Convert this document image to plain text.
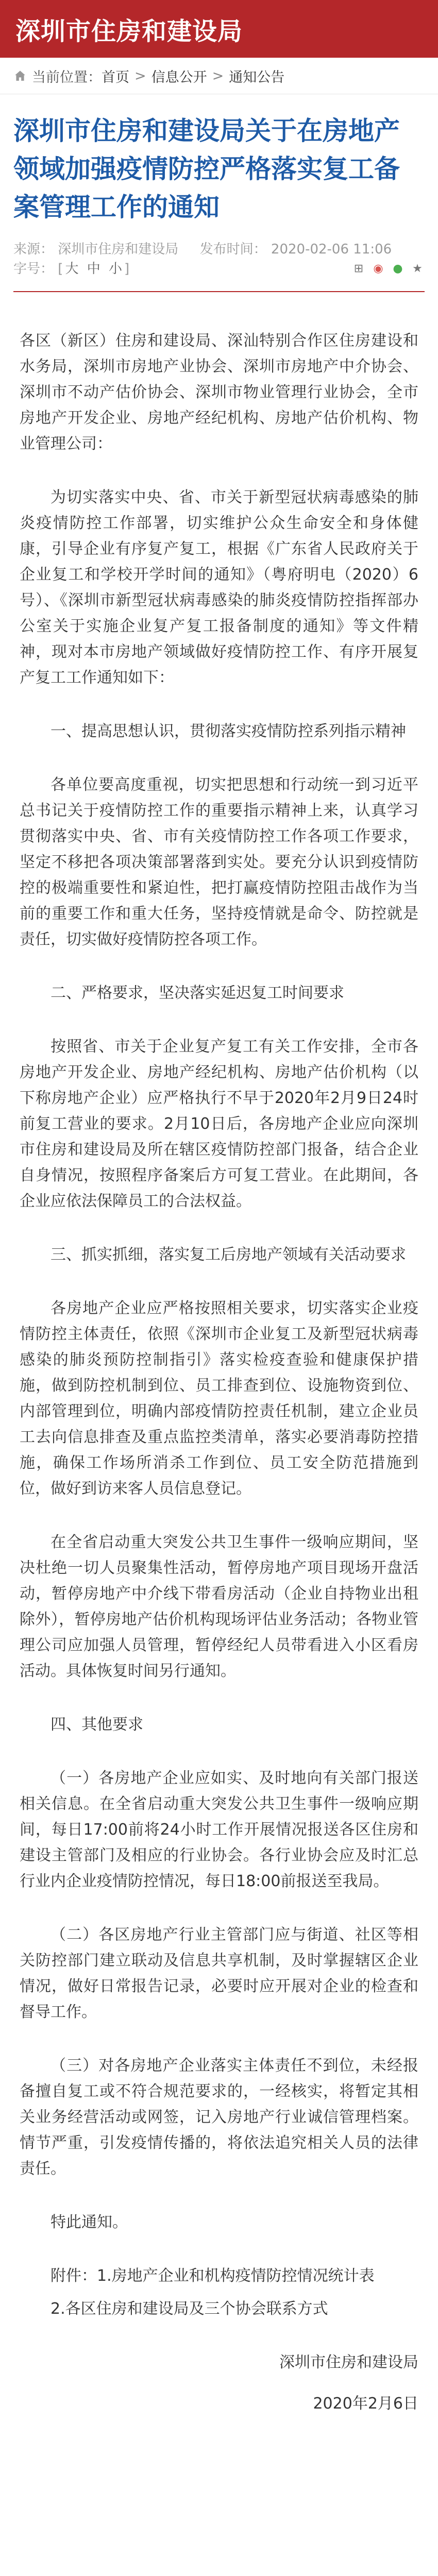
深圳市住房和建设局
当前位置： 首页 > 信息公开 > 通知公告
深圳市住房和建设局关于在房地产领域加强疫情防控严格落实复工备案管理工作的通知
来源： 深圳市住房和建设局 发布时间： 2020-02-06 11:06
字号： [ 大 中 小 ]	⊞ ◉ ● ★

各区（新区）住房和建设局、深汕特别合作区住房建设和水务局，深圳市房地产业协会、深圳市房地产中介协会、深圳市不动产估价协会、深圳市物业管理行业协会，全市房地产开发企业、房地产经纪机构、房地产估价机构、物业管理公司：

为切实落实中央、省、市关于新型冠状病毒感染的肺炎疫情防控工作部署，切实维护公众生命安全和身体健康，引导企业有序复产复工，根据《广东省人民政府关于企业复工和学校开学时间的通知》（粤府明电（2020）6号）、《深圳市新型冠状病毒感染的肺炎疫情防控指挥部办公室关于实施企业复产复工报备制度的通知》等文件精神，现对本市房地产领域做好疫情防控工作、有序开展复产复工工作通知如下：

一、提高思想认识，贯彻落实疫情防控系列指示精神

各单位要高度重视，切实把思想和行动统一到习近平总书记关于疫情防控工作的重要指示精神上来，认真学习贯彻落实中央、省、市有关疫情防控工作各项工作要求，坚定不移把各项决策部署落到实处。要充分认识到疫情防控的极端重要性和紧迫性，把打赢疫情防控阻击战作为当前的重要工作和重大任务，坚持疫情就是命令、防控就是责任，切实做好疫情防控各项工作。

二、严格要求，坚决落实延迟复工时间要求

按照省、市关于企业复产复工有关工作安排，全市各房地产开发企业、房地产经纪机构、房地产估价机构（以下称房地产企业）应严格执行不早于2020年2月9日24时前复工营业的要求。2月10日后，各房地产企业应向深圳市住房和建设局及所在辖区疫情防控部门报备，结合企业自身情况，按照程序备案后方可复工营业。在此期间，各企业应依法保障员工的合法权益。

三、抓实抓细，落实复工后房地产领域有关活动要求

各房地产企业应严格按照相关要求，切实落实企业疫情防控主体责任，依照《深圳市企业复工及新型冠状病毒感染的肺炎预防控制指引》落实检疫查验和健康保护措施，做到防控机制到位、员工排查到位、设施物资到位、内部管理到位，明确内部疫情防控责任机制，建立企业员工去向信息排查及重点监控类清单，落实必要消毒防控措施，确保工作场所消杀工作到位、员工安全防范措施到位，做好到访来客人员信息登记。

在全省启动重大突发公共卫生事件一级响应期间，坚决杜绝一切人员聚集性活动，暂停房地产项目现场开盘活动，暂停房地产中介线下带看房活动（企业自持物业出租除外），暂停房地产估价机构现场评估业务活动；各物业管理公司应加强人员管理，暂停经纪人员带看进入小区看房活动。具体恢复时间另行通知。

四、其他要求

（一）各房地产企业应如实、及时地向有关部门报送相关信息。在全省启动重大突发公共卫生事件一级响应期间，每日17:00前将24小时工作开展情况报送各区住房和建设主管部门及相应的行业协会。各行业协会应及时汇总行业内企业疫情防控情况，每日18:00前报送至我局。

（二）各区房地产行业主管部门应与街道、社区等相关防控部门建立联动及信息共享机制，及时掌握辖区企业情况，做好日常报告记录，必要时应开展对企业的检查和督导工作。

（三）对各房地产企业落实主体责任不到位，未经报备擅自复工或不符合规范要求的，一经核实，将暂定其相关业务经营活动或网签，记入房地产行业诚信管理档案。情节严重，引发疫情传播的，将依法追究相关人员的法律责任。

特此通知。

附件：1.房地产企业和机构疫情防控情况统计表

2.各区住房和建设局及三个协会联系方式

深圳市住房和建设局

2020年2月6日
